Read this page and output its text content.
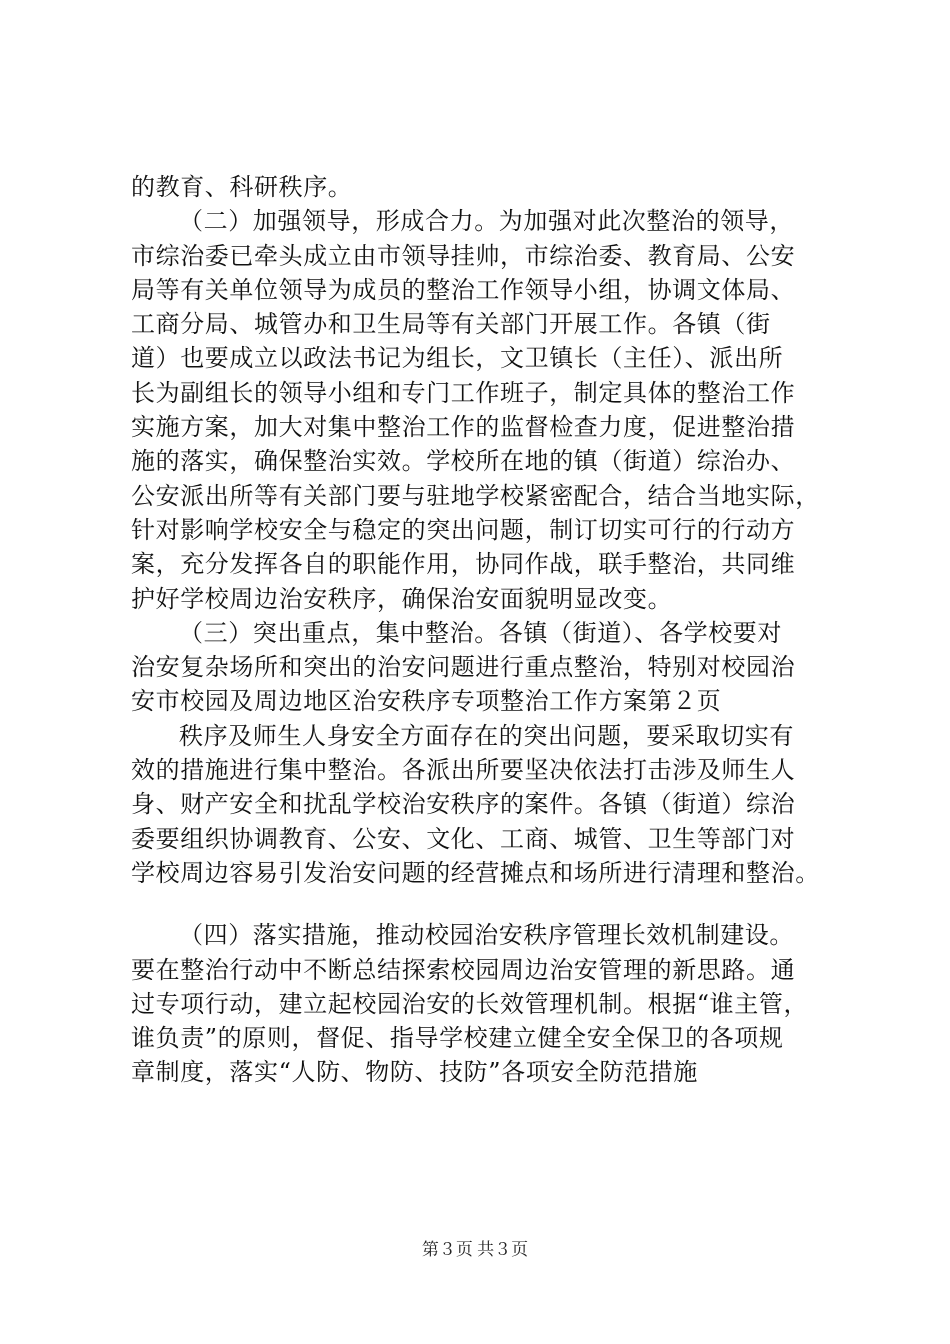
的教育、科研秩序。
（二）加强领导，形成合力。为加强对此次整治的领导，
市综治委已牵头成立由市领导挂帅，市综治委、教育局、公安
局等有关单位领导为成员的整治工作领导小组，协调文体局、
工商分局、城管办和卫生局等有关部门开展工作。各镇（街
道）也要成立以政法书记为组长，文卫镇长（主任）、派出所
长为副组长的领导小组和专门工作班子，制定具体的整治工作
实施方案，加大对集中整治工作的监督检查力度，促进整治措
施的落实，确保整治实效。学校所在地的镇（街道）综治办、
公安派出所等有关部门要与驻地学校紧密配合，结合当地实际，
针对影响学校安全与稳定的突出问题，制订切实可行的行动方
案，充分发挥各自的职能作用，协同作战，联手整治，共同维
护好学校周边治安秩序，确保治安面貌明显改变。
（三）突出重点，集中整治。各镇（街道）、各学校要对
治安复杂场所和突出的治安问题进行重点整治，特别对校园治
安市校园及周边地区治安秩序专项整治工作方案第２页
秩序及师生人身安全方面存在的突出问题，要采取切实有
效的措施进行集中整治。各派出所要坚决依法打击涉及师生人
身、财产安全和扰乱学校治安秩序的案件。各镇（街道）综治
委要组织协调教育、公安、文化、工商、城管、卫生等部门对
学校周边容易引发治安问题的经营摊点和场所进行清理和整治。
（四）落实措施，推动校园治安秩序管理长效机制建设。
要在整治行动中不断总结探索校园周边治安管理的新思路。通
过专项行动，建立起校园治安的长效管理机制。根据“谁主管，
谁负责”的原则，督促、指导学校建立健全安全保卫的各项规
章制度，落实“人防、物防、技防”各项安全防范措施
第３页 共３页
